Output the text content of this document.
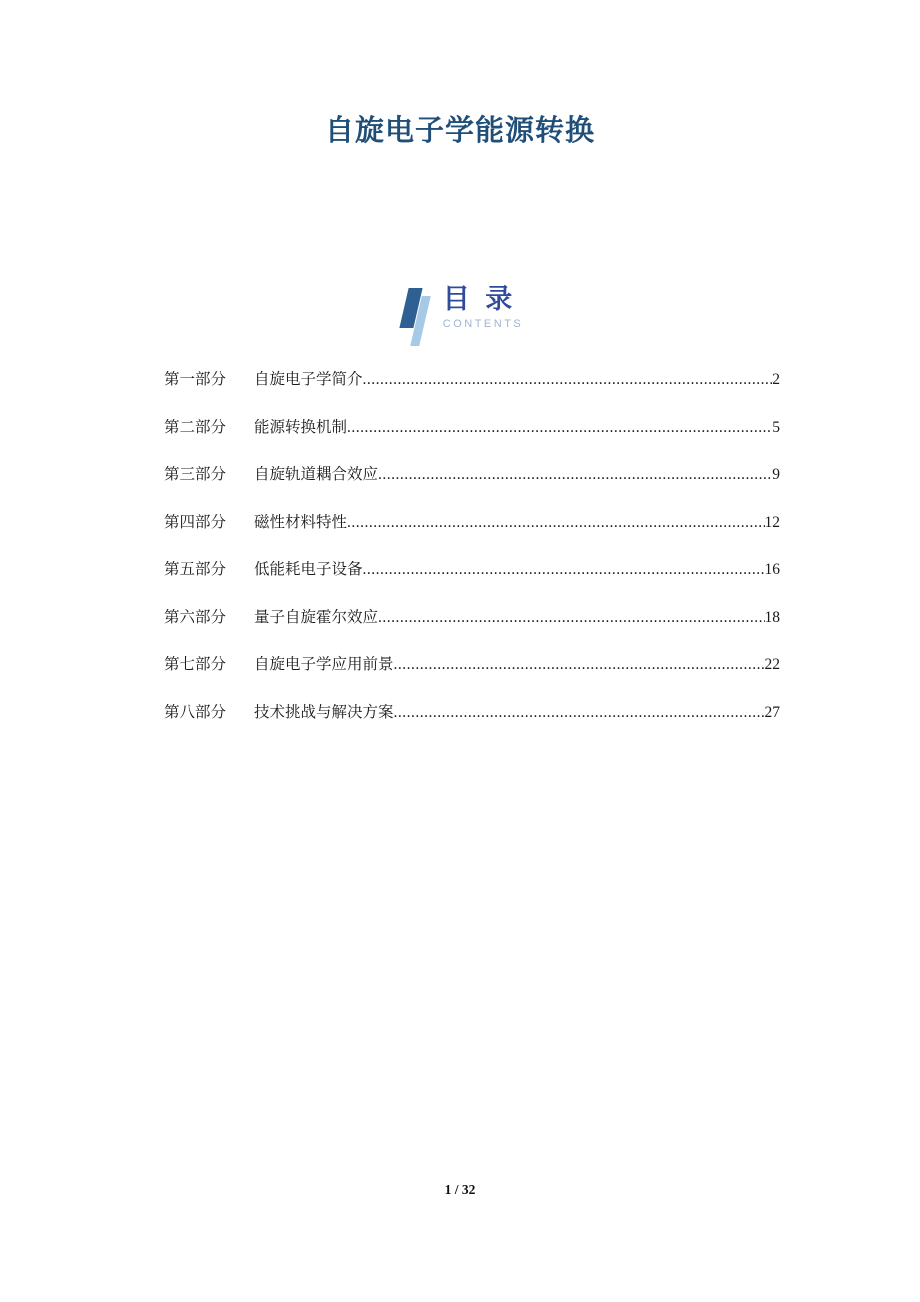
自旋电子学能源转换
目 录
CONTENTS
第一部分 自旋电子学简介 .....	2
第二部分 能源转换机制 .....	5
第三部分 自旋轨道耦合效应 .....	9
第四部分 磁性材料特性 .....	12
第五部分 低能耗电子设备 .....	16
第六部分 量子自旋霍尔效应 .....	18
第七部分 自旋电子学应用前景 .....	22
第八部分 技术挑战与解决方案 .....	27
1 / 32
